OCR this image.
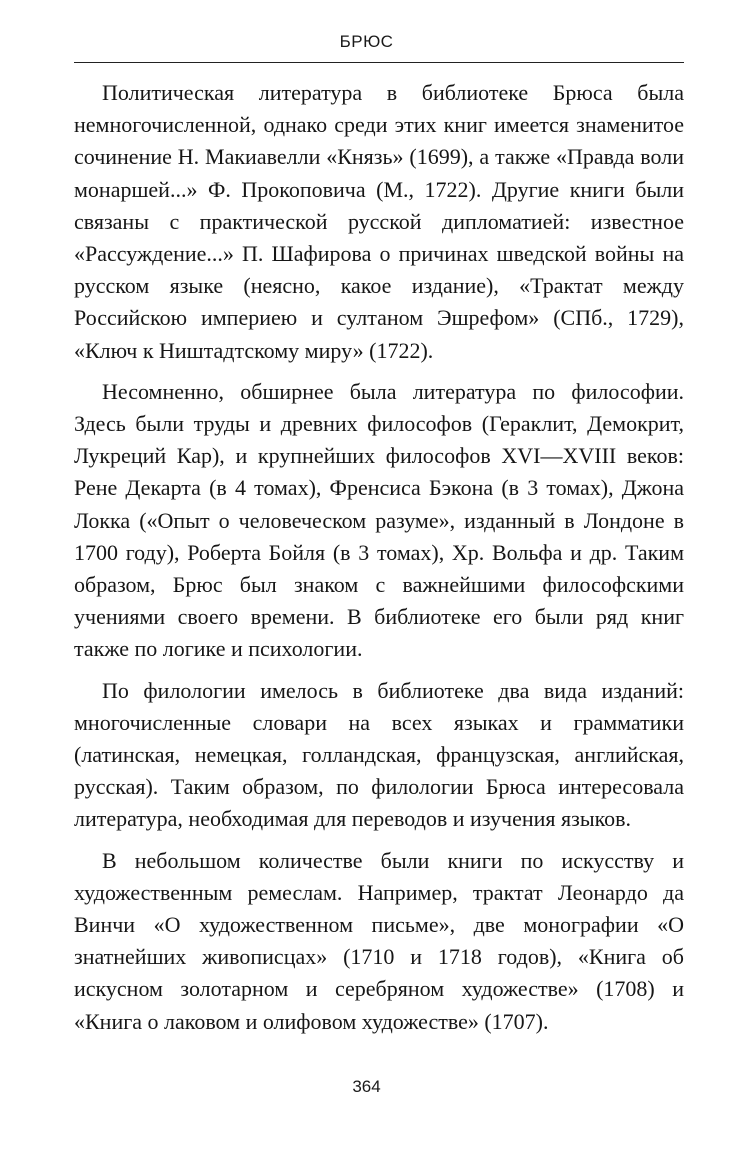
БРЮС

Политическая литература в библиотеке Брюса была немногочисленной, однако среди этих книг имеется знаменитое сочинение Н. Макиавелли «Князь» (1699), а также «Правда воли монаршей...» Ф. Прокоповича (М., 1722). Другие книги были связаны с практической русской дипломатией: известное «Рассуждение...» П. Шафирова о причинах шведской войны на русском языке (неясно, какое издание), «Трактат между Российскою империею и султаном Эшрефом» (СПб., 1729), «Ключ к Ништадтскому миру» (1722).

Несомненно, обширнее была литература по философии. Здесь были труды и древних философов (Гераклит, Демокрит, Лукреций Кар), и крупнейших философов XVI—XVIII веков: Рене Декарта (в 4 томах), Френсиса Бэкона (в 3 томах), Джона Локка («Опыт о человеческом разуме», изданный в Лондоне в 1700 году), Роберта Бойля (в 3 томах), Хр. Вольфа и др. Таким образом, Брюс был знаком с важнейшими философскими учениями своего времени. В библиотеке его были ряд книг также по логике и психологии.

По филологии имелось в библиотеке два вида изданий: многочисленные словари на всех языках и грамматики (латинская, немецкая, голландская, французская, английская, русская). Таким образом, по филологии Брюса интересовала литература, необходимая для переводов и изучения языков.

В небольшом количестве были книги по искусству и художественным ремеслам. Например, трактат Леонардо да Винчи «О художественном письме», две монографии «О знатнейших живописцах» (1710 и 1718 годов), «Книга об искусном золотарном и серебряном художестве» (1708) и «Книга о лаковом и олифовом художестве» (1707).

364
